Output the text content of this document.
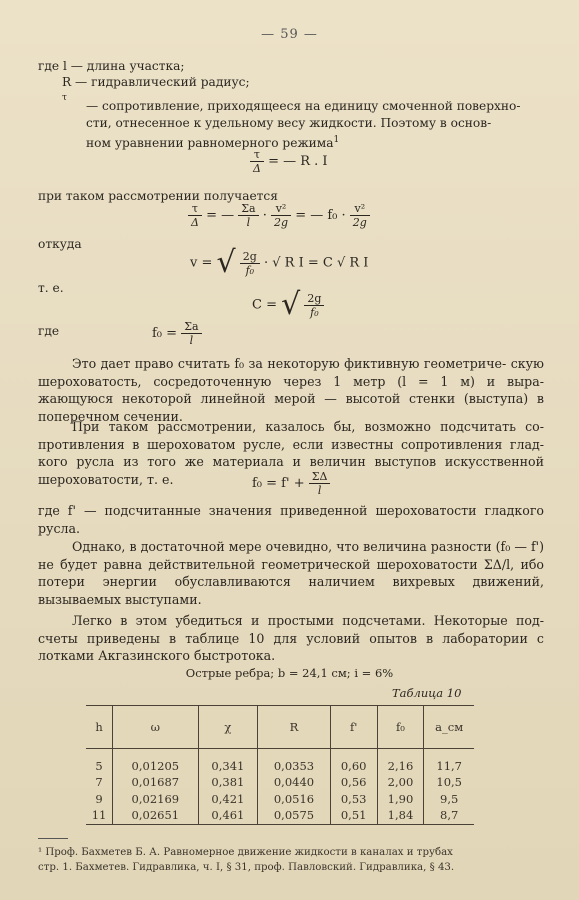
— 59 —
где l — длина участка;
R — гидравлический радиус;
τ
— сопротивление, приходящееся на единицу смоченной поверхно-
сти, отнесенное к удельному весу жидкости. Поэтому в основ-
ном уравнении равномерного режима$^1$
$\frac{\tau}{\Delta}$ = — R . I
при таком рассмотрении получается
$\frac{\tau}{\Delta}$ = — $\frac{\Sigma a}{l} \cdot \frac{\text{v²}}{2g}$ = — $f_0 \cdot \frac{\text{v²}}{2g}$
откуда
v = √ $\frac{2g}{\text{f₀}}$ · √ R I = C √ R I
т. е.
C = √ $\frac{2g}{\text{f₀}}$
где	$f_0 = \frac{\Sigma a}{l}$
Это дает право считать f₀ за некоторую фиктивную геометриче- скую шероховатость, сосредоточенную через 1 метр (l = 1 м) и выра- жающуюся некоторой линейной мерой — высотой стенки (выступа) в поперечном сечении.
При таком рассмотрении, казалось бы, возможно подсчитать со- противления в шероховатом русле, если известны сопротивления глад- кого русла из того же материала и величин выступов искусственной шероховатости, т. е.	$f_0 = f' + \frac{\Sigma\Delta}{l}$
где f' — подсчитанные значения приведенной шероховатости гладкого русла.
Однако, в достаточной мере очевидно, что величина разности (f₀ — f') не будет равна действительной геометрической шероховатости ΣΔ/l, ибо потери энергии обуславливаются наличием вихревых движений, вызываемых выступами.
Легко в этом убедиться и простыми подсчетами. Некоторые под- счеты приведены в таблице 10 для условий опытов в лаборатории с лотками Акгазинского быстротока.
Острые ребра; b = 24,1 см; i = 6%
Таблица 10
h	ω	χ	R	f'	f₀	a_см
5	0,01205	0,341	0,0353	0,60	2,16	11,7
7	0,01687	0,381	0,0440	0,56	2,00	10,5
9	0,02169	0,421	0,0516	0,53	1,90	9,5
11	0,02651	0,461	0,0575	0,51	1,84	8,7
¹ Проф. Бахметев Б. А. Равномерное движение жидкости в каналах и трубах
стр. 1. Бахметев. Гидравлика, ч. I, § 31, проф. Павловский. Гидравлика, § 43.
